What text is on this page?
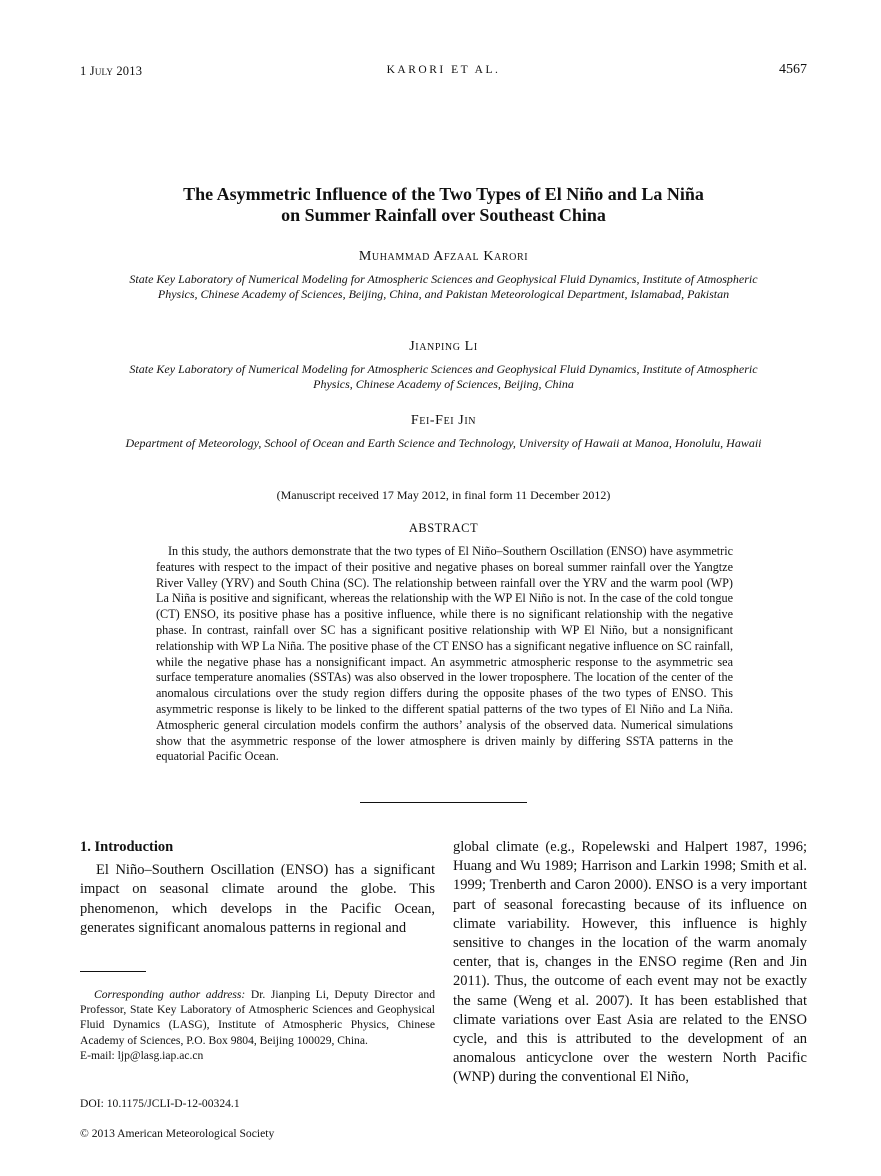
1 July 2013	KARORI ET AL.	4567
The Asymmetric Influence of the Two Types of El Niño and La Niña
on Summer Rainfall over Southeast China
Muhammad Afzaal Karori
State Key Laboratory of Numerical Modeling for Atmospheric Sciences and Geophysical Fluid Dynamics, Institute of Atmospheric Physics, Chinese Academy of Sciences, Beijing, China, and Pakistan Meteorological Department, Islamabad, Pakistan
Jianping Li
State Key Laboratory of Numerical Modeling for Atmospheric Sciences and Geophysical Fluid Dynamics, Institute of Atmospheric Physics, Chinese Academy of Sciences, Beijing, China
Fei-Fei Jin
Department of Meteorology, School of Ocean and Earth Science and Technology, University of Hawaii at Manoa, Honolulu, Hawaii
(Manuscript received 17 May 2012, in final form 11 December 2012)
ABSTRACT

In this study, the authors demonstrate that the two types of El Niño–Southern Oscillation (ENSO) have asymmetric features with respect to the impact of their positive and negative phases on boreal summer rainfall over the Yangtze River Valley (YRV) and South China (SC). The relationship between rainfall over the YRV and the warm pool (WP) La Niña is positive and significant, whereas the relationship with the WP El Niño is not. In the case of the cold tongue (CT) ENSO, its positive phase has a positive influence, while there is no significant relationship with the negative phase. In contrast, rainfall over SC has a significant positive relationship with WP El Niño, but a nonsignificant relationship with WP La Niña. The positive phase of the CT ENSO has a significant negative influence on SC rainfall, while the negative phase has a nonsignificant impact. An asymmetric atmospheric response to the asymmetric sea surface temperature anomalies (SSTAs) was also observed in the lower troposphere. The location of the center of the anomalous circulations over the study region differs during the opposite phases of the two types of ENSO. This asymmetric response is likely to be linked to the different spatial patterns of the two types of El Niño and La Niña. Atmospheric general circulation models confirm the authors’ analysis of the observed data. Numerical simulations show that the asymmetric response of the lower atmosphere is driven mainly by differing SSTA patterns in the equatorial Pacific Ocean.

1. Introduction

El Niño–Southern Oscillation (ENSO) has a significant impact on seasonal climate around the globe. This phenomenon, which develops in the Pacific Ocean, generates significant anomalous patterns in regional and

global climate (e.g., Ropelewski and Halpert 1987, 1996; Huang and Wu 1989; Harrison and Larkin 1998; Smith et al. 1999; Trenberth and Caron 2000). ENSO is a very important part of seasonal forecasting because of its influence on climate variability. However, this influence is highly sensitive to changes in the location of the warm anomaly center, that is, changes in the ENSO regime (Ren and Jin 2011). Thus, the outcome of each event may not be exactly the same (Weng et al. 2007). It has been established that climate variations over East Asia are related to the ENSO cycle, and this is attributed to the development of an anomalous anticyclone over the western North Pacific (WNP) during the conventional El Niño,

Corresponding author address: Dr. Jianping Li, Deputy Director and Professor, State Key Laboratory of Atmospheric Sciences and Geophysical Fluid Dynamics (LASG), Institute of Atmospheric Physics, Chinese Academy of Sciences, P.O. Box 9804, Beijing 100029, China.

E-mail: ljp@lasg.iap.ac.cn

DOI: 10.1175/JCLI-D-12-00324.1
© 2013 American Meteorological Society
